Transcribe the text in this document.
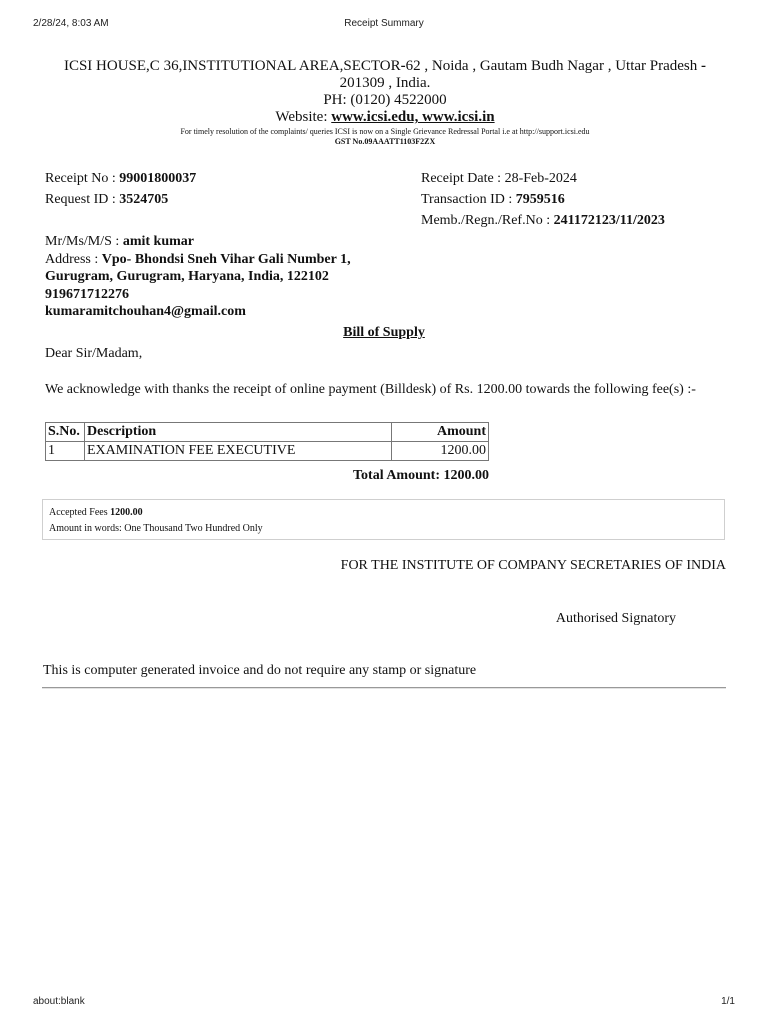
2/28/24, 8:03 AM	Receipt Summary
ICSI HOUSE,C 36,INSTITUTIONAL AREA,SECTOR-62 , Noida , Gautam Budh Nagar , Uttar Pradesh -
201309 , India.
PH: (0120) 4522000
Website: www.icsi.edu, www.icsi.in
For timely resolution of the complaints/ queries ICSI is now on a Single Grievance Redressal Portal i.e at http://support.icsi.edu
GST No.09AAATT1103F2ZX
Receipt No : 99001800037
Request ID : 3524705
Receipt Date : 28-Feb-2024
Transaction ID : 7959516
Memb./Regn./Ref.No : 241172123/11/2023
Mr/Ms/M/S : amit kumar
Address : Vpo- Bhondsi Sneh Vihar Gali Number 1,
Gurugram, Gurugram, Haryana, India, 122102
919671712276
kumaramitchouhan4@gmail.com
Bill of Supply
Dear Sir/Madam,
We acknowledge with thanks the receipt of online payment (Billdesk) of Rs. 1200.00 towards the following fee(s) :-
S.No.	Description	Amount
1	EXAMINATION FEE EXECUTIVE	1200.00
Total Amount: 1200.00
Accepted Fees 1200.00
Amount in words: One Thousand Two Hundred Only
FOR THE INSTITUTE OF COMPANY SECRETARIES OF INDIA
Authorised Signatory
This is computer generated invoice and do not require any stamp or signature
about:blank	1/1
